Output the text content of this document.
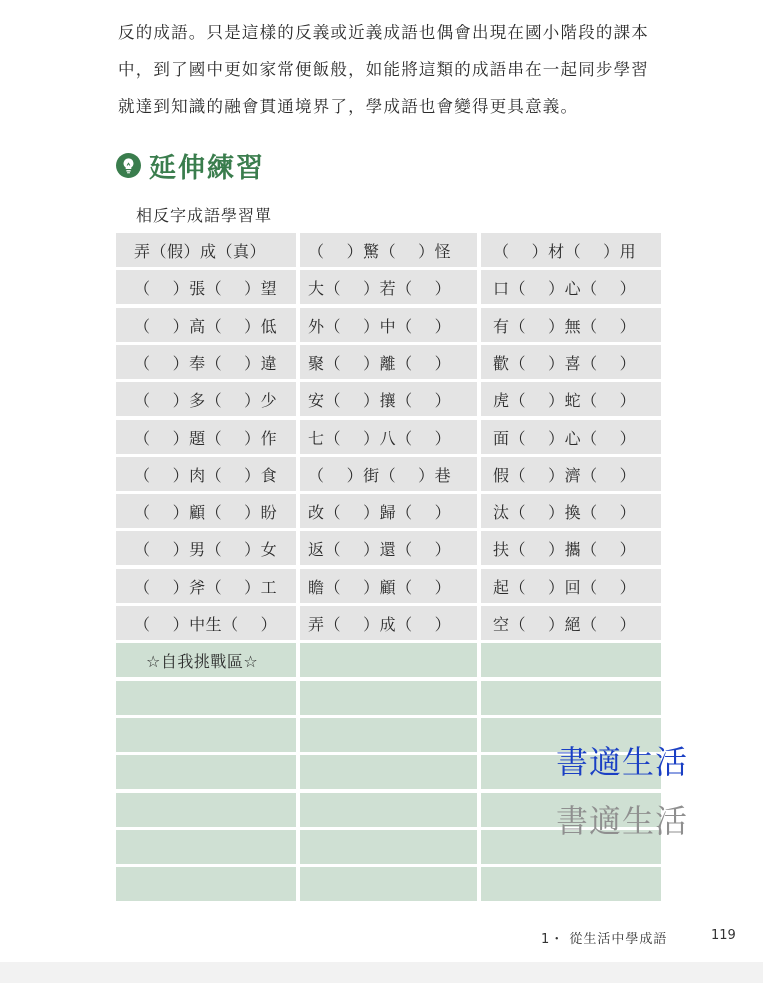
反的成語。只是這樣的反義或近義成語也偶會出現在國小階段的課本
中，到了國中更如家常便飯般，如能將這類的成語串在一起同步學習
就達到知識的融會貫通境界了，學成語也會變得更具意義。
延伸練習
相反字成語學習單
弄（假）成（真）	（　 ）驚（　 ）怪	（　 ）材（　 ）用
（　 ）張（　 ）望	大（　 ）若（　 ）	口（　 ）心（　 ）
（　 ）高（　 ）低	外（　 ）中（　 ）	有（　 ）無（　 ）
（　 ）奉（　 ）違	聚（　 ）離（　 ）	歡（　 ）喜（　 ）
（　 ）多（　 ）少	安（　 ）攘（　 ）	虎（　 ）蛇（　 ）
（　 ）題（　 ）作	七（　 ）八（　 ）	面（　 ）心（　 ）
（　 ）肉（　 ）食	（　 ）街（　 ）巷	假（　 ）濟（　 ）
（　 ）顧（　 ）盼	改（　 ）歸（　 ）	汰（　 ）換（　 ）
（　 ）男（　 ）女	返（　 ）還（　 ）	扶（　 ）攜（　 ）
（　 ）斧（　 ）工	瞻（　 ）顧（　 ）	起（　 ）回（　 ）
（　 ）中生（　 ）	弄（　 ）成（　 ）	空（　 ）絕（　 ）
☆自我挑戰區☆
書適生活
書適生活
1・ 從生活中學成語	119
